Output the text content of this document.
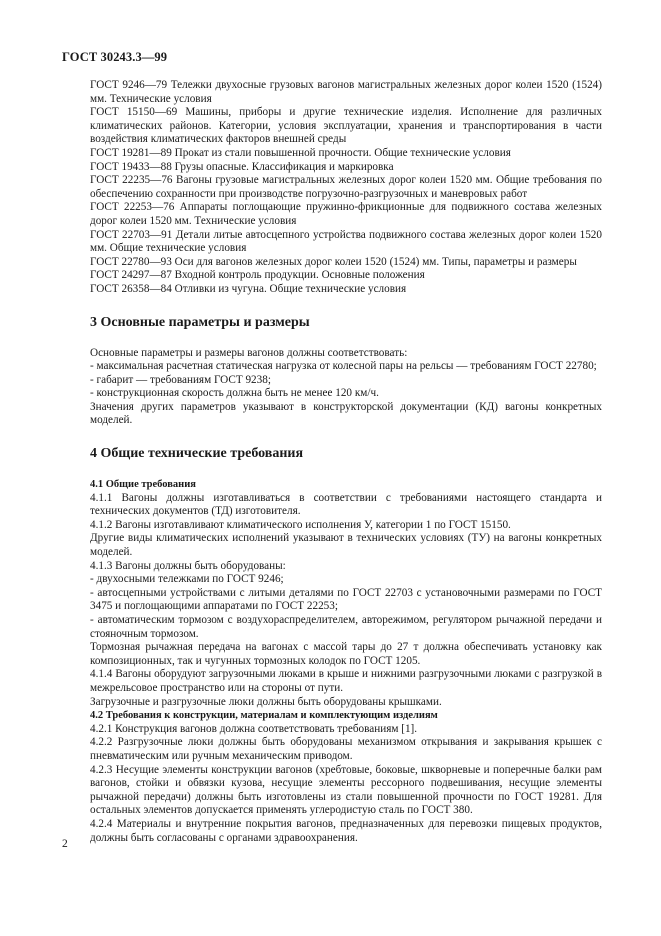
ГОСТ 30243.3—99

ГОСТ 9246—79 Тележки двухосные грузовых вагонов магистральных железных дорог колеи 1520 (1524) мм. Технические условия

ГОСТ 15150—69 Машины, приборы и другие технические изделия. Исполнение для различных климатических районов. Категории, условия эксплуатации, хранения и транспортирования в части воздействия климатических факторов внешней среды

ГОСТ 19281—89 Прокат из стали повышенной прочности. Общие технические условия

ГОСТ 19433—88 Грузы опасные. Классификация и маркировка

ГОСТ 22235—76 Вагоны грузовые магистральных железных дорог колеи 1520 мм. Общие требования по обеспечению сохранности при производстве погрузочно-разгрузочных и маневровых работ

ГОСТ 22253—76 Аппараты поглощающие пружинно-фрикционные для подвижного состава железных дорог колеи 1520 мм. Технические условия

ГОСТ 22703—91 Детали литые автосцепного устройства подвижного состава железных дорог колеи 1520 мм. Общие технические условия

ГОСТ 22780—93 Оси для вагонов железных дорог колеи 1520 (1524) мм. Типы, параметры и размеры

ГОСТ 24297—87 Входной контроль продукции. Основные положения

ГОСТ 26358—84 Отливки из чугуна. Общие технические условия

3 Основные параметры и размеры

Основные параметры и размеры вагонов должны соответствовать:

- максимальная расчетная статическая нагрузка от колесной пары на рельсы — требованиям ГОСТ 22780;

- габарит — требованиям ГОСТ 9238;

- конструкционная скорость должна быть не менее 120 км/ч.

Значения других параметров указывают в конструкторской документации (КД) вагоны конкретных моделей.

4 Общие технические требования

4.1 Общие требования

4.1.1 Вагоны должны изготавливаться в соответствии с требованиями настоящего стандарта и технических документов (ТД) изготовителя.

4.1.2 Вагоны изготавливают климатического исполнения У, категории 1 по ГОСТ 15150.

Другие виды климатических исполнений указывают в технических условиях (ТУ) на вагоны конкретных моделей.

4.1.3 Вагоны должны быть оборудованы:

- двухосными тележками по ГОСТ 9246;

- автосцепными устройствами с литыми деталями по ГОСТ 22703 с установочными размерами по ГОСТ 3475 и поглощающими аппаратами по ГОСТ 22253;

- автоматическим тормозом с воздухораспределителем, авторежимом, регулятором рычажной передачи и стояночным тормозом.

Тормозная рычажная передача на вагонах с массой тары до 27 т должна обеспечивать установку как композиционных, так и чугунных тормозных колодок по ГОСТ 1205.

4.1.4 Вагоны оборудуют загрузочными люками в крыше и нижними разгрузочными люками с разгрузкой в межрельсовое пространство или на стороны от пути.

Загрузочные и разгрузочные люки должны быть оборудованы крышками.

4.2 Требования к конструкции, материалам и комплектующим изделиям

4.2.1 Конструкция вагонов должна соответствовать требованиям [1].

4.2.2 Разгрузочные люки должны быть оборудованы механизмом открывания и закрывания крышек с пневматическим или ручным механическим приводом.

4.2.3 Несущие элементы конструкции вагонов (хребтовые, боковые, шкворневые и поперечные балки рам вагонов, стойки и обвязки кузова, несущие элементы рессорного подвешивания, несущие элементы рычажной передачи) должны быть изготовлены из стали повышенной прочности по ГОСТ 19281. Для остальных элементов допускается применять углеродистую сталь по ГОСТ 380.

4.2.4 Материалы и внутренние покрытия вагонов, предназначенных для перевозки пищевых продуктов, должны быть согласованы с органами здравоохранения.

2
